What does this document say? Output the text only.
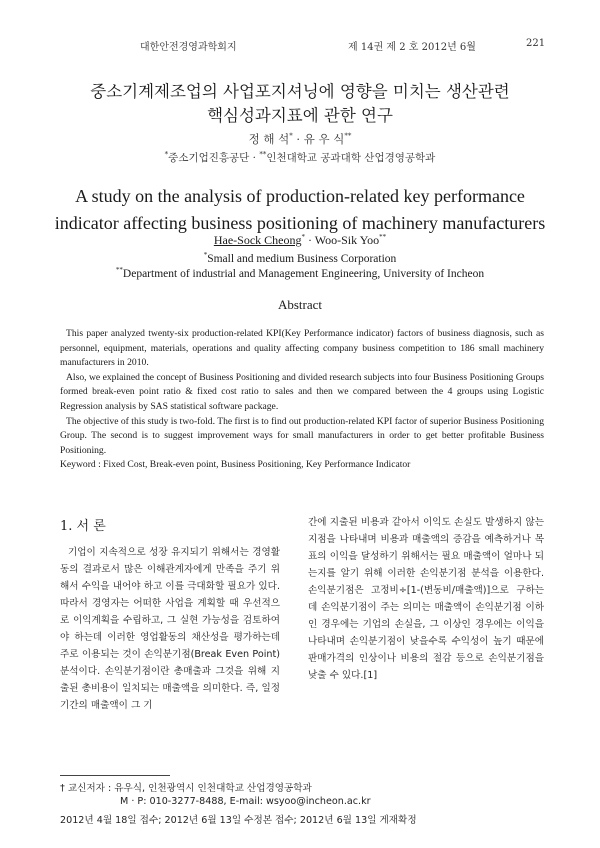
대한안전경영과학회지	제 14권 제 2 호 2012년 6월	221
중소기계제조업의 사업포지셔닝에 영향을 미치는 생산관련
핵심성과지표에 관한 연구
정 해 석* · 유 우 식**
*중소기업진흥공단 · **인천대학교 공과대학 산업경영공학과
A study on the analysis of production-related key performance
indicator affecting business positioning of machinery manufacturers
Hae-Sock Cheong* · Woo-Sik Yoo**
*Small and medium Business Corporation
**Department of industrial and Management Engineering, University of Incheon
Abstract

This paper analyzed twenty-six production-related KPI(Key Performance indicator) factors of business diagnosis, such as personnel, equipment, materials, operations and quality affecting company business competition to 186 small machinery manufacturers in 2010.

Also, we explained the concept of Business Positioning and divided research subjects into four Business Positioning Groups formed break-even point ratio & fixed cost ratio to sales and then we compared between the 4 groups using Logistic Regression analysis by SAS statistical software package.

The objective of this study is two-fold. The first is to find out production-related KPI factor of superior Business Positioning Group. The second is to suggest improvement ways for small manufacturers in order to get better profitable Business Positioning.

Keyword : Fixed Cost, Break-even point, Business Positioning, Key Performance Indicator
1. 서 론

기업이 지속적으로 성장 유지되기 위해서는 경영활동의 결과로서 많은 이해관계자에게 만족을 주기 위해서 수익을 내어야 하고 이를 극대화할 필요가 있다. 따라서 경영자는 어떠한 사업을 계획할 때 우선적으로 이익계획을 수립하고, 그 실현 가능성을 검토하여야 하는데 이러한 영업활동의 채산성을 평가하는데 주로 이용되는 것이 손익분기점(Break Even Point) 분석이다. 손익분기점이란 총매출과 그것을 위해 지출된 총비용이 일치되는 매출액을 의미한다. 즉, 일정기간의 매출액이 그 기

간에 지출된 비용과 같아서 이익도 손실도 발생하지 않는 지점을 나타내며 비용과 매출액의 증감을 예측하거나 목표의 이익을 달성하기 위해서는 필요 매출액이 얼마나 되는지를 알기 위해 이러한 손익분기점 분석을 이용한다. 손익분기점은 고정비÷[1-(변동비/매출액)]으로 구하는데 손익분기점이 주는 의미는 매출액이 손익분기점 이하인 경우에는 기업의 손실을, 그 이상인 경우에는 이익을 나타내며 손익분기점이 낮을수록 수익성이 높기 때문에 판매가격의 인상이나 비용의 절감 등으로 손익분기점을 낮출 수 있다.[1]

† 교신저자 : 유우식, 인천광역시 인천대학교 산업경영공학과
M · P: 010-3277-8488, E-mail: wsyoo@incheon.ac.kr
2012년 4월 18일 접수; 2012년 6월 13일 수정본 접수; 2012년 6월 13일 게재확정
